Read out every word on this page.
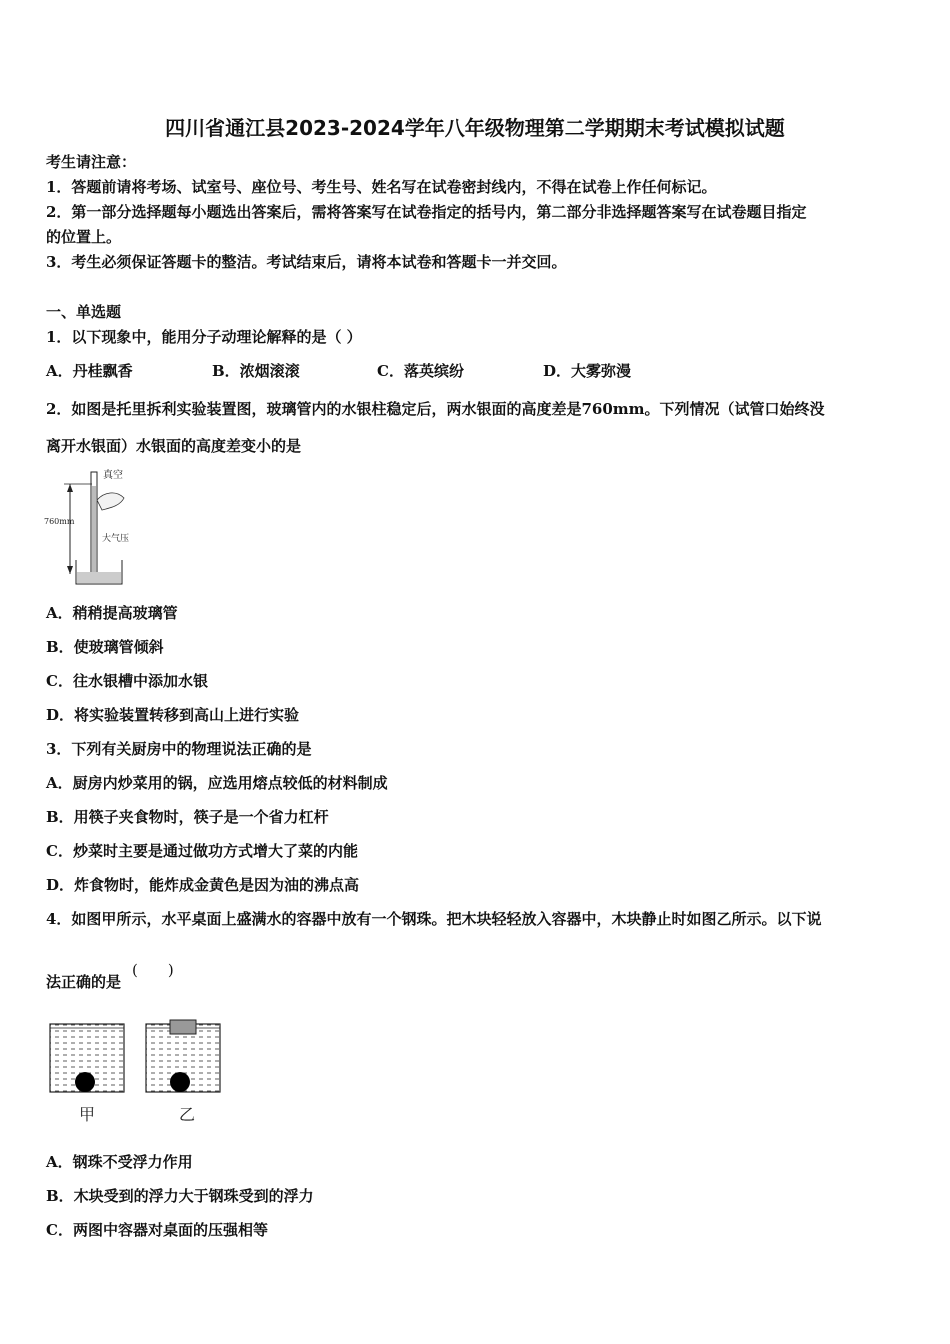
四川省通江县2023-2024学年八年级物理第二学期期末考试模拟试题
考生请注意：
1．答题前请将考场、试室号、座位号、考生号、姓名写在试卷密封线内，不得在试卷上作任何标记。
2．第一部分选择题每小题选出答案后，需将答案写在试卷指定的括号内，第二部分非选择题答案写在试卷题目指定
的位置上。
3．考生必须保证答题卡的整洁。考试结束后，请将本试卷和答题卡一并交回。
一、单选题
1．以下现象中，能用分子动理论解释的是（ ）
A．丹桂飘香	B．浓烟滚滚	C．落英缤纷	D．大雾弥漫
2．如图是托里拆利实验装置图，玻璃管内的水银柱稳定后，两水银面的高度差是760mm。下列情况（试管口始终没
离开水银面）水银面的高度差变小的是
真空
760mm
大气压
A．稍稍提高玻璃管
B．使玻璃管倾斜
C．往水银槽中添加水银
D．将实验装置转移到高山上进行实验
3．下列有关厨房中的物理说法正确的是
A．厨房内炒菜用的锅，应选用熔点较低的材料制成
B．用筷子夹食物时，筷子是一个省力杠杆
C．炒菜时主要是通过做功方式增大了菜的内能
D．炸食物时，能炸成金黄色是因为油的沸点高
4．如图甲所示，水平桌面上盛满水的容器中放有一个钢珠。把木块轻轻放入容器中，木块静止时如图乙所示。以下说
法正确的是
(　　)
甲	乙
A．钢珠不受浮力作用
B．木块受到的浮力大于钢珠受到的浮力
C．两图中容器对桌面的压强相等
